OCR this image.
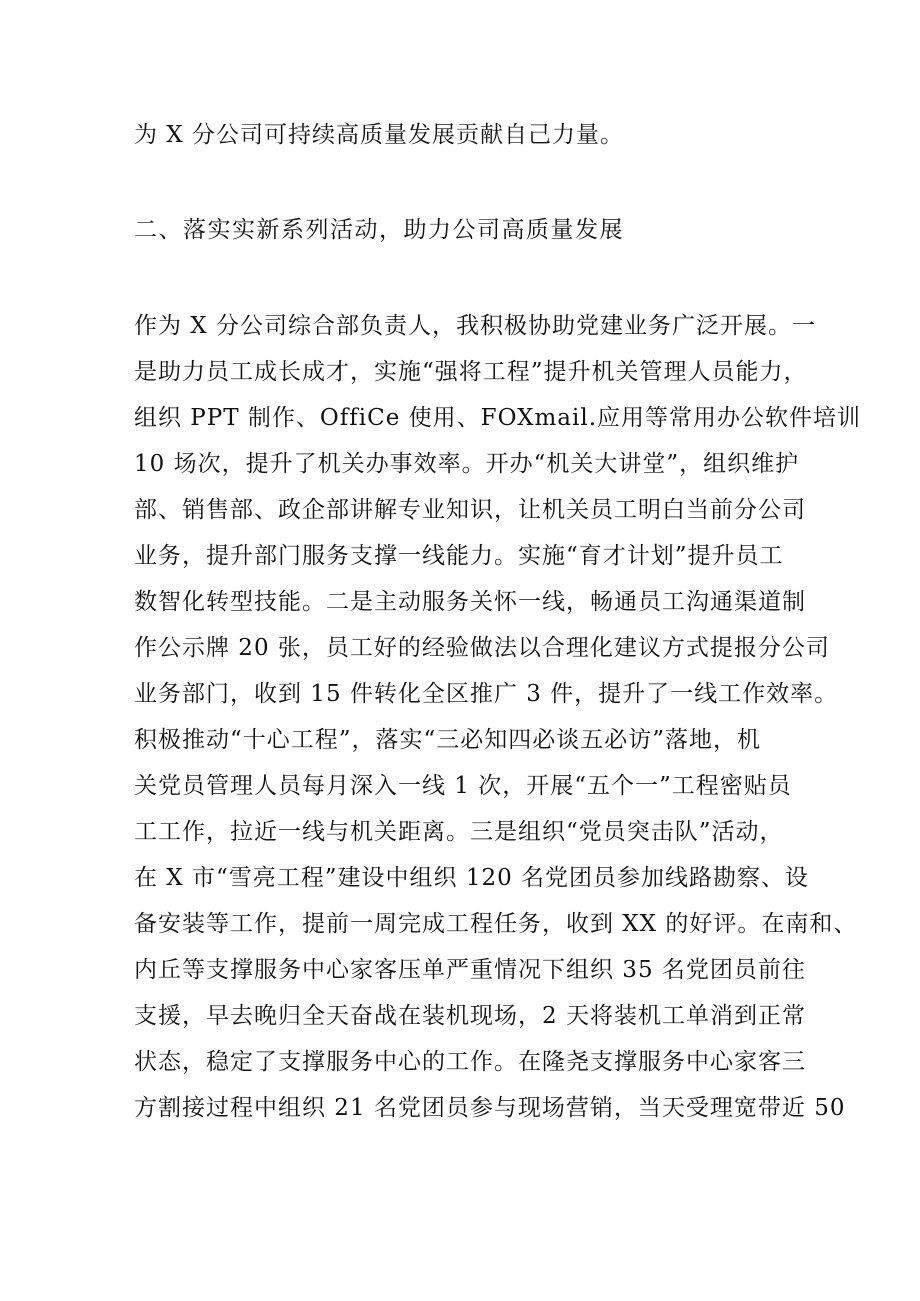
为 X 分公司可持续高质量发展贡献自己力量。
二、落实实新系列活动，助力公司高质量发展
作为 X 分公司综合部负责人，我积极协助党建业务广泛开展。一
是助力员工成长成才，实施“强将工程”提升机关管理人员能力，
组织 PPT 制作、OffiCe 使用、FOXmail.应用等常用办公软件培训
10 场次，提升了机关办事效率。开办“机关大讲堂”，组织维护
部、销售部、政企部讲解专业知识，让机关员工明白当前分公司
业务，提升部门服务支撑一线能力。实施“育才计划”提升员工
数智化转型技能。二是主动服务关怀一线，畅通员工沟通渠道制
作公示牌 20 张，员工好的经验做法以合理化建议方式提报分公司
业务部门，收到 15 件转化全区推广 3 件，提升了一线工作效率。
积极推动“十心工程”，落实“三必知四必谈五必访”落地，机
关党员管理人员每月深入一线 1 次，开展“五个一”工程密贴员
工工作，拉近一线与机关距离。三是组织“党员突击队”活动，
在 X 市“雪亮工程”建设中组织 120 名党团员参加线路勘察、设
备安装等工作，提前一周完成工程任务，收到 XX 的好评。在南和、
内丘等支撑服务中心家客压单严重情况下组织 35 名党团员前往
支援，早去晚归全天奋战在装机现场，2 天将装机工单消到正常
状态，稳定了支撑服务中心的工作。在隆尧支撑服务中心家客三
方割接过程中组织 21 名党团员参与现场营销，当天受理宽带近 50
